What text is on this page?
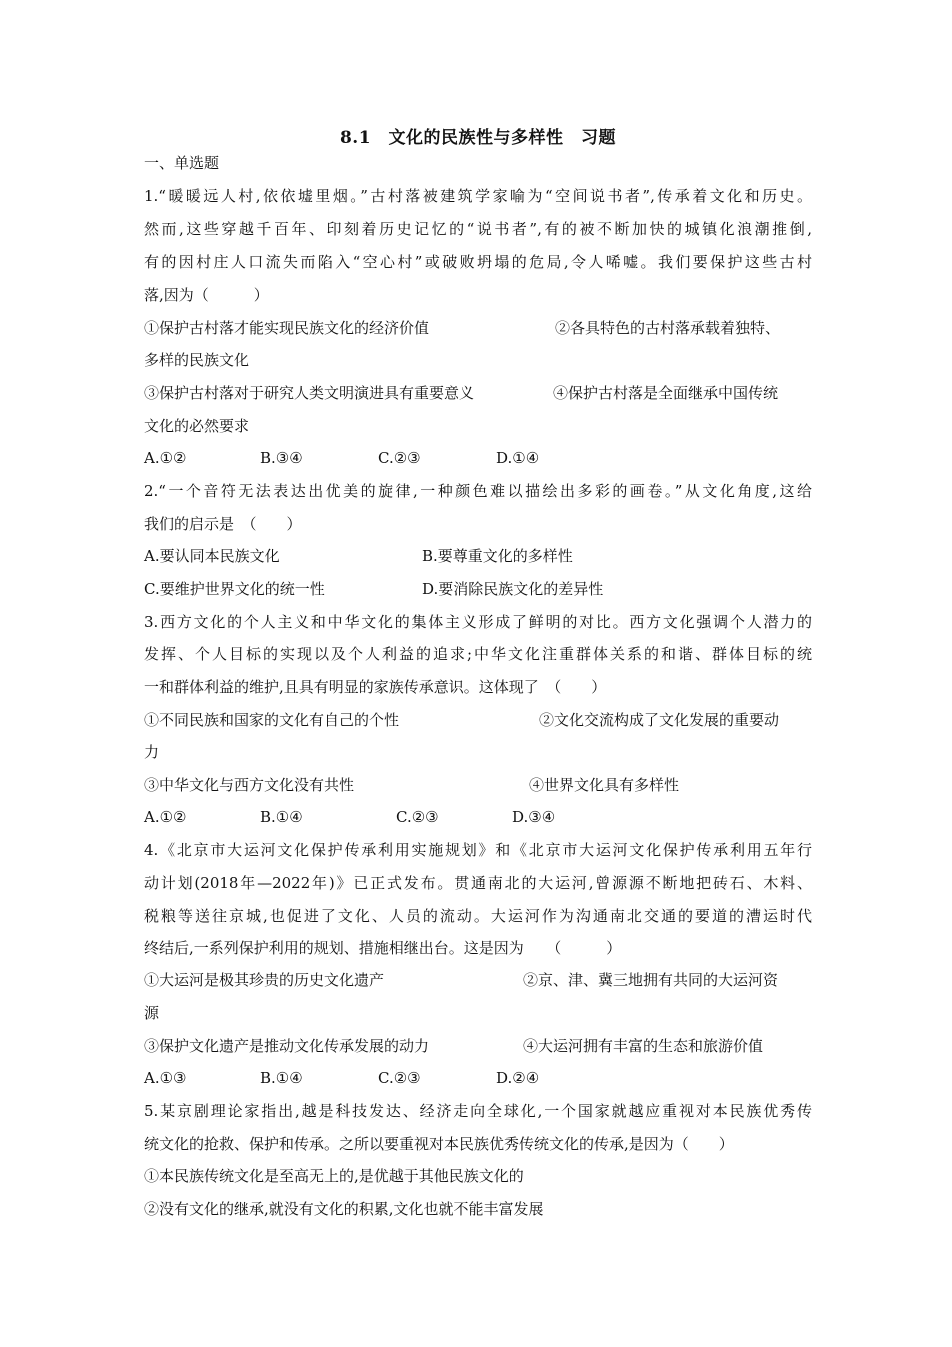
8.1　文化的民族性与多样性　习题
一、单选题
1.“暖暖远人村,依依墟里烟。”古村落被建筑学家喻为“空间说书者”,传承着文化和历史。
然而,这些穿越千百年、印刻着历史记忆的“说书者”,有的被不断加快的城镇化浪潮推倒,
有的因村庄人口流失而陷入“空心村”或破败坍塌的危局,令人唏嘘。我们要保护这些古村
落,因为（　　　）
①保护古村落才能实现民族文化的经济价值	②各具特色的古村落承载着独特、
多样的民族文化
③保护古村落对于研究人类文明演进具有重要意义	④保护古村落是全面继承中国传统
文化的必然要求
A.①②	B.③④	C.②③	D.①④
2.“一个音符无法表达出优美的旋律,一种颜色难以描绘出多彩的画卷。”从文化角度,这给
我们的启示是　（　　）
A.要认同本民族文化	B.要尊重文化的多样性
C.要维护世界文化的统一性	D.要消除民族文化的差异性
3.西方文化的个人主义和中华文化的集体主义形成了鲜明的对比。西方文化强调个人潜力的
发挥、个人目标的实现以及个人利益的追求;中华文化注重群体关系的和谐、群体目标的统
一和群体利益的维护,且具有明显的家族传承意识。这体现了　（　　）
①不同民族和国家的文化有自己的个性	②文化交流构成了文化发展的重要动
力
③中华文化与西方文化没有共性	④世界文化具有多样性
A.①②	B.①④	C.②③	D.③④
4.《北京市大运河文化保护传承利用实施规划》和《北京市大运河文化保护传承利用五年行
动计划(2018年—2022年)》已正式发布。贯通南北的大运河,曾源源不断地把砖石、木料、
税粮等送往京城,也促进了文化、人员的流动。大运河作为沟通南北交通的要道的漕运时代
终结后,一系列保护利用的规划、措施相继出台。这是因为　　（　　　）
①大运河是极其珍贵的历史文化遗产	②京、津、冀三地拥有共同的大运河资
源
③保护文化遗产是推动文化传承发展的动力	④大运河拥有丰富的生态和旅游价值
A.①③	B.①④	C.②③	D.②④
5.某京剧理论家指出,越是科技发达、经济走向全球化,一个国家就越应重视对本民族优秀传
统文化的抢救、保护和传承。之所以要重视对本民族优秀传统文化的传承,是因为（　　）
①本民族传统文化是至高无上的,是优越于其他民族文化的
②没有文化的继承,就没有文化的积累,文化也就不能丰富发展
